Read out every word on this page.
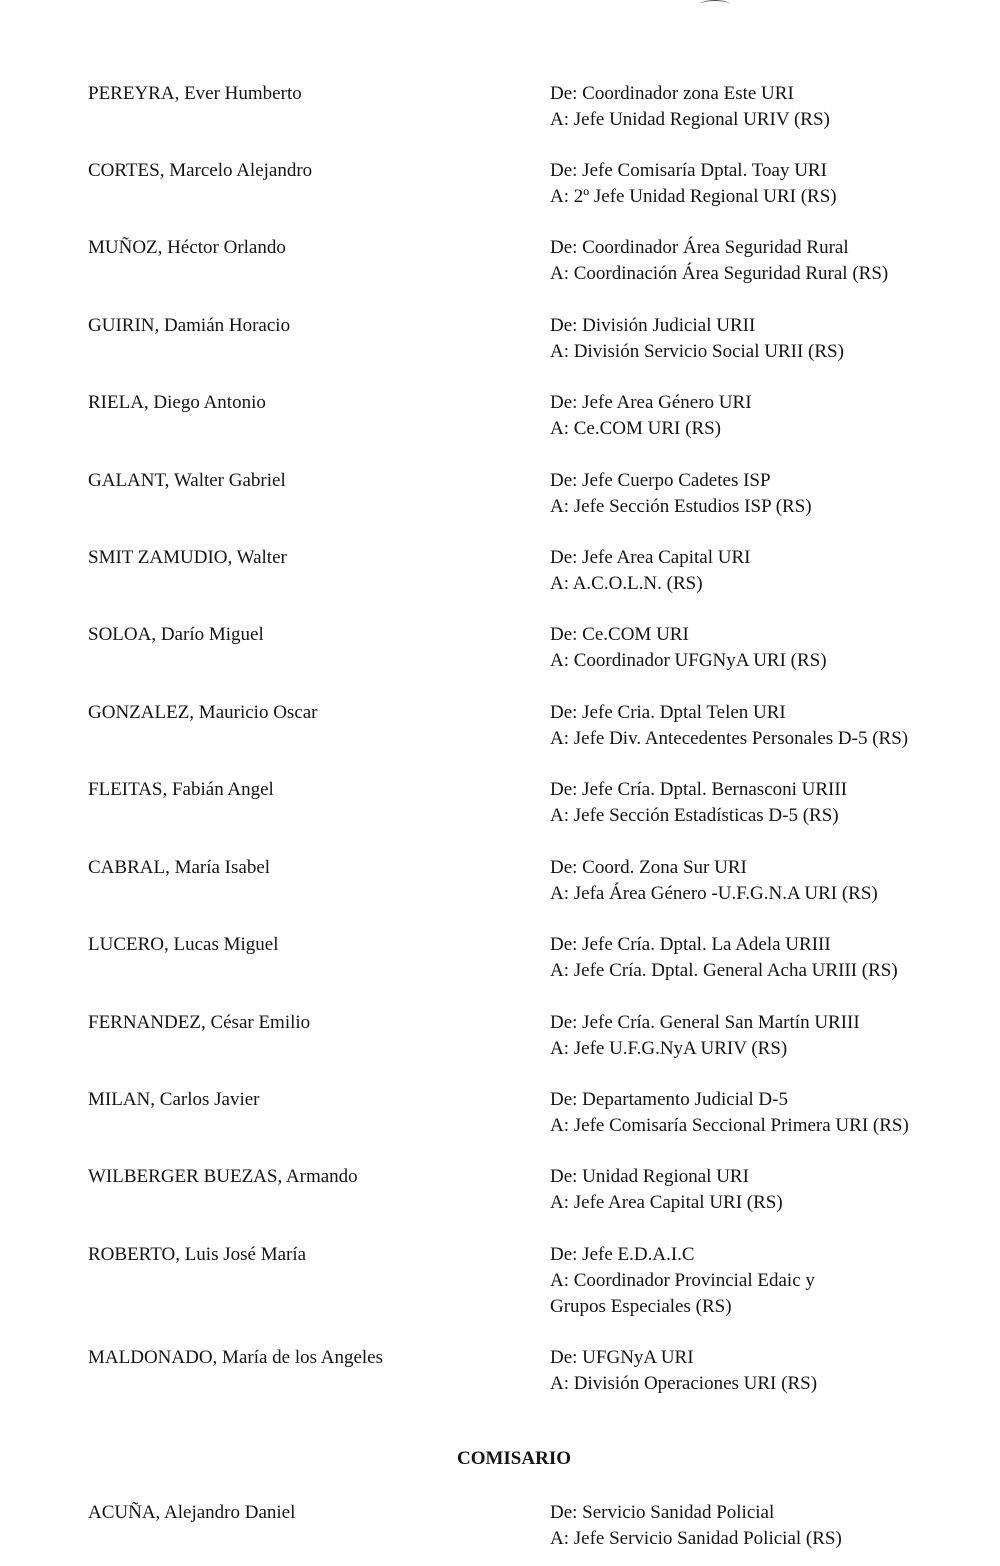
PEREYRA, Ever Humberto	De: Coordinador zona Este URI
A: Jefe Unidad Regional URIV (RS)
CORTES, Marcelo Alejandro	De: Jefe Comisaría Dptal. Toay URI
A: 2º Jefe Unidad Regional URI (RS)
MUÑOZ, Héctor Orlando	De: Coordinador Área Seguridad Rural
A: Coordinación Área Seguridad Rural (RS)
GUIRIN, Damián Horacio	De: División Judicial URII
A: División Servicio Social URII (RS)
RIELA, Diego Antonio	De: Jefe Area Género URI
A: Ce.COM URI (RS)
GALANT, Walter Gabriel	De: Jefe Cuerpo Cadetes ISP
A: Jefe Sección Estudios ISP (RS)
SMIT ZAMUDIO, Walter	De: Jefe Area Capital URI
A: A.C.O.L.N. (RS)
SOLOA, Darío Miguel	De: Ce.COM URI
A: Coordinador UFGNyA URI (RS)
GONZALEZ, Mauricio Oscar	De: Jefe Cria. Dptal Telen URI
A: Jefe Div. Antecedentes Personales D-5 (RS)
FLEITAS, Fabián Angel	De: Jefe Cría. Dptal. Bernasconi URIII
A: Jefe Sección Estadísticas D-5 (RS)
CABRAL, María Isabel	De: Coord. Zona Sur URI
A: Jefa Área Género -U.F.G.N.A URI (RS)
LUCERO, Lucas Miguel	De: Jefe Cría. Dptal. La Adela URIII
A: Jefe Cría. Dptal. General Acha URIII (RS)
FERNANDEZ, César Emilio	De: Jefe Cría. General San Martín URIII
A: Jefe U.F.G.NyA URIV (RS)
MILAN, Carlos Javier	De: Departamento Judicial D-5
A: Jefe Comisaría Seccional Primera URI (RS)
WILBERGER BUEZAS, Armando	De: Unidad Regional URI
A: Jefe Area Capital URI (RS)
ROBERTO, Luis José María	De: Jefe E.D.A.I.C
A: Coordinador Provincial Edaic y
Grupos Especiales (RS)
MALDONADO, María de los Angeles	De: UFGNyA URI
A: División Operaciones URI (RS)
COMISARIO
ACUÑA, Alejandro Daniel	De: Servicio Sanidad Policial
A: Jefe Servicio Sanidad Policial (RS)
